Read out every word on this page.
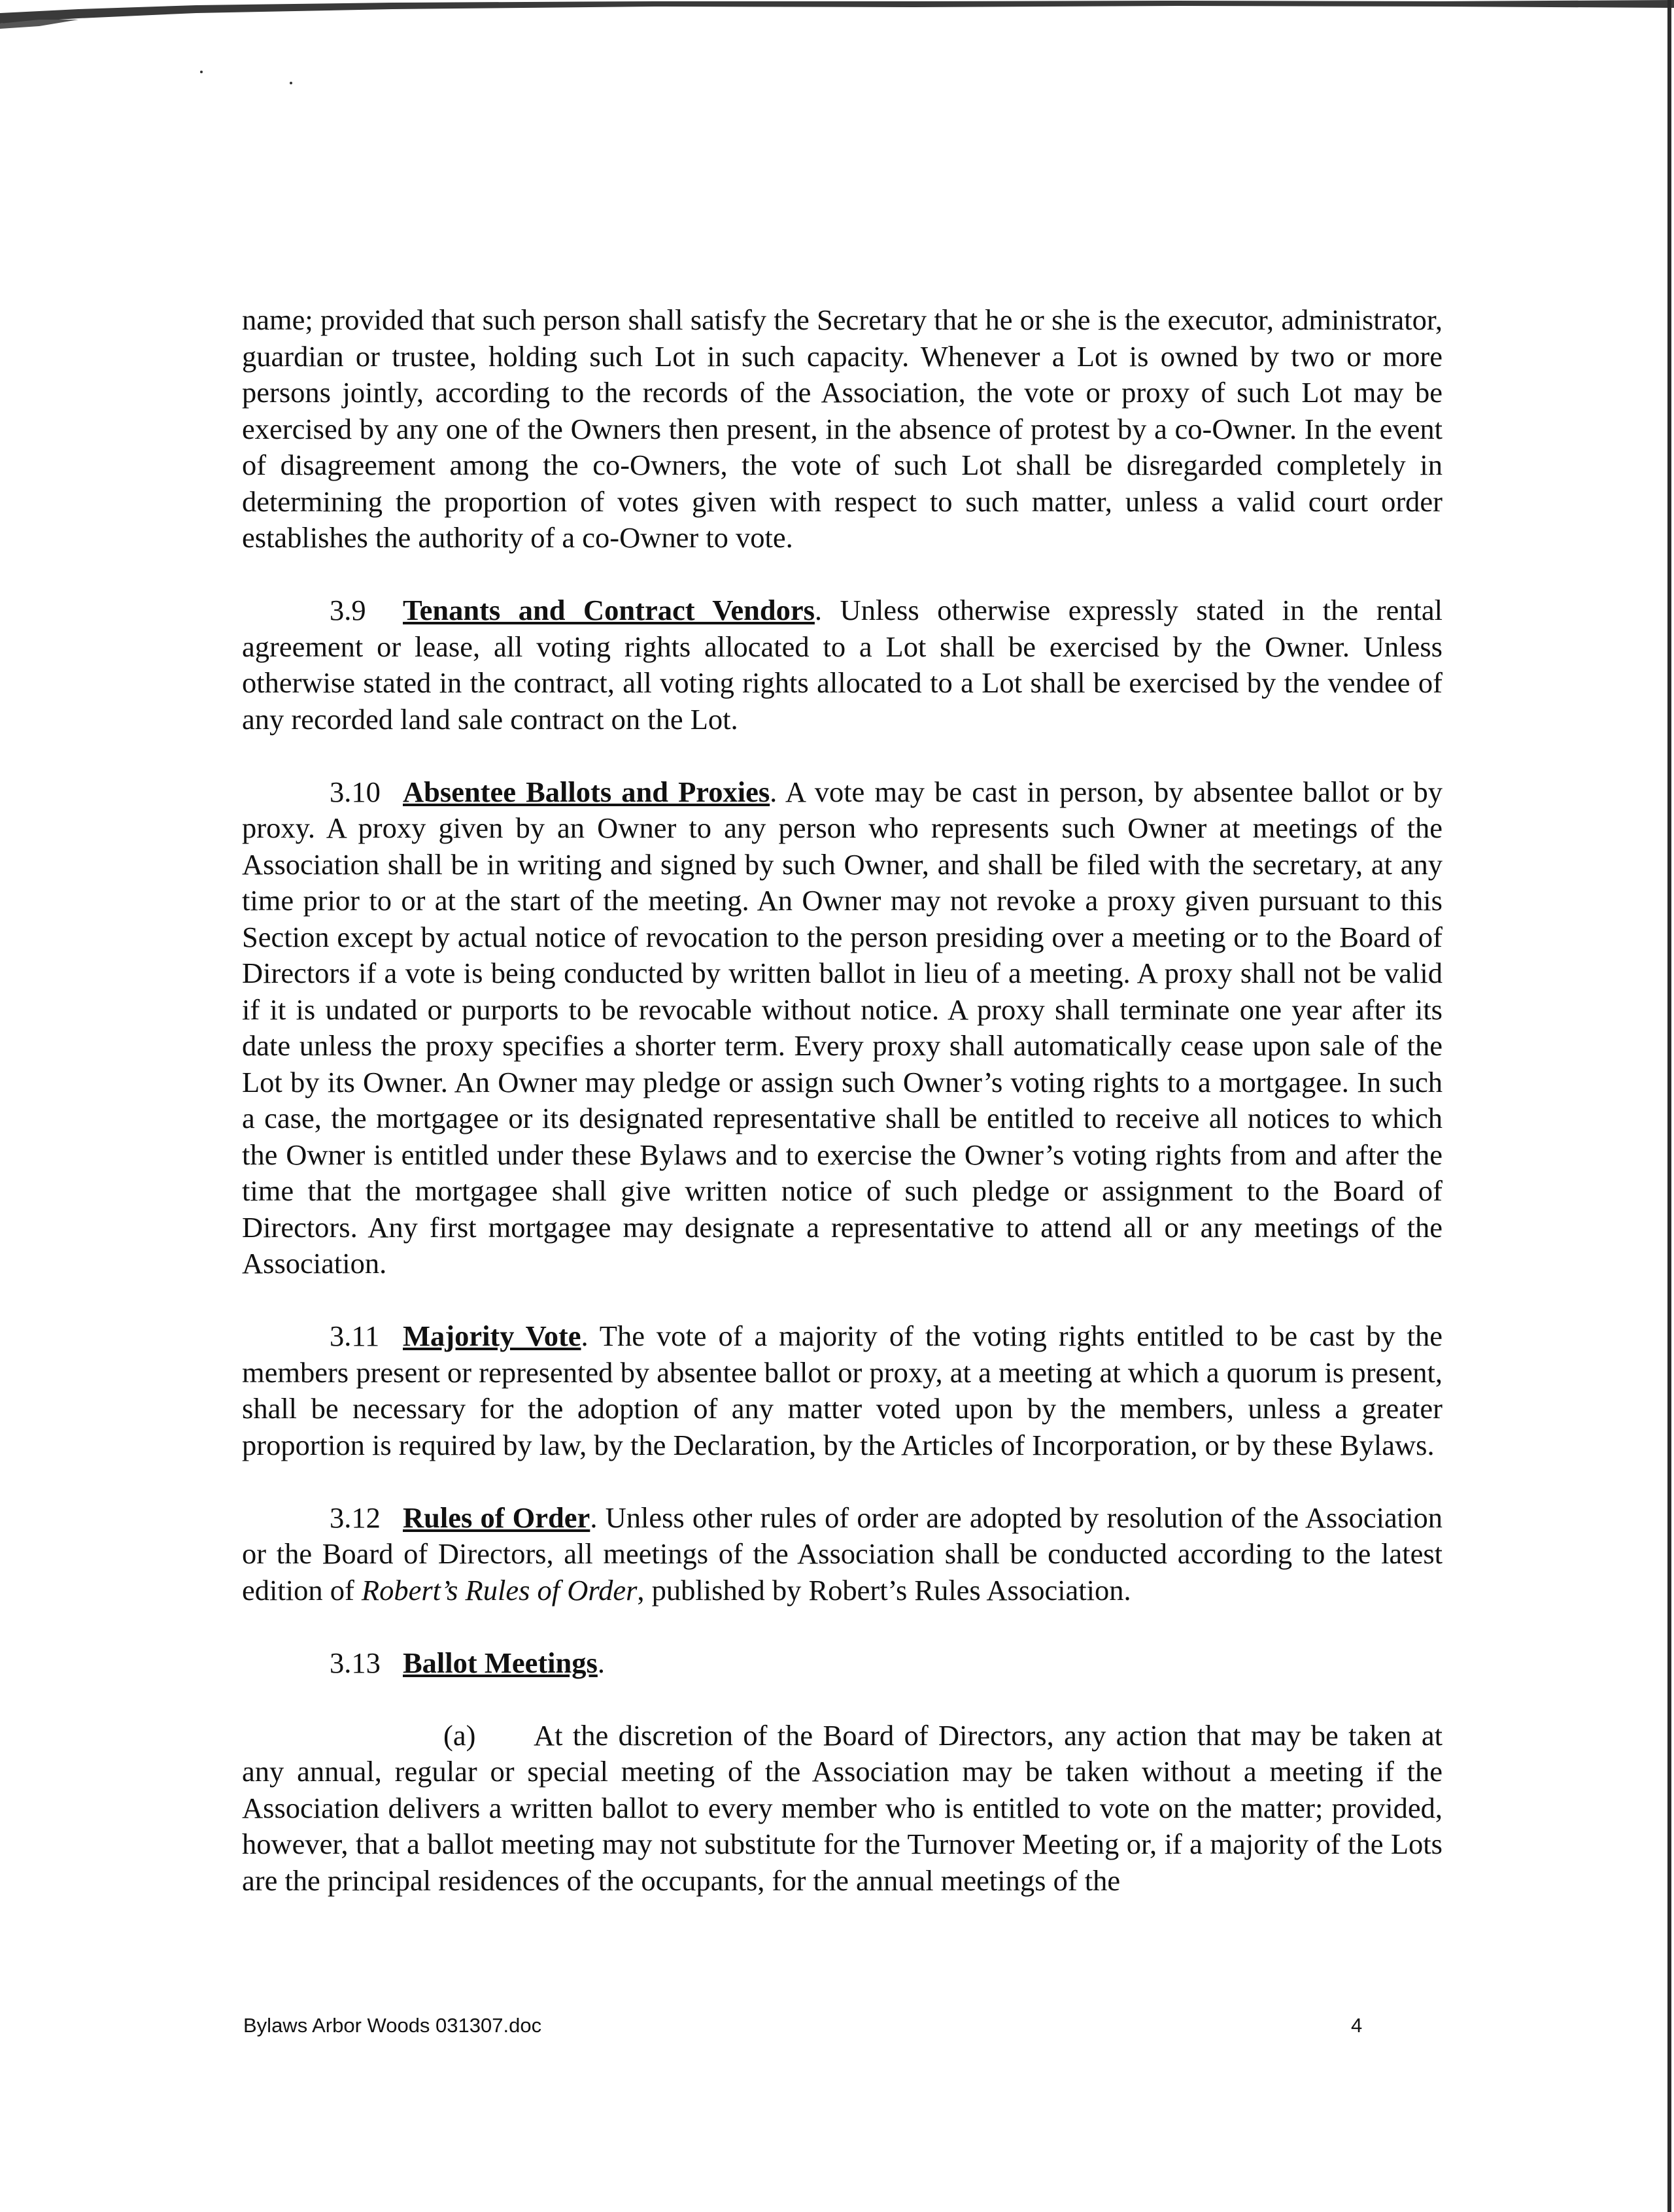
name; provided that such person shall satisfy the Secretary that he or she is the executor, administrator, guardian or trustee, holding such Lot in such capacity. Whenever a Lot is owned by two or more persons jointly, according to the records of the Association, the vote or proxy of such Lot may be exercised by any one of the Owners then present, in the absence of protest by a co-Owner. In the event of disagreement among the co-Owners, the vote of such Lot shall be disregarded completely in determining the proportion of votes given with respect to such matter, unless a valid court order establishes the authority of a co-Owner to vote.

3.9 Tenants and Contract Vendors. Unless otherwise expressly stated in the rental agreement or lease, all voting rights allocated to a Lot shall be exercised by the Owner. Unless otherwise stated in the contract, all voting rights allocated to a Lot shall be exercised by the vendee of any recorded land sale contract on the Lot.

3.10 Absentee Ballots and Proxies. A vote may be cast in person, by absentee ballot or by proxy. A proxy given by an Owner to any person who represents such Owner at meetings of the Association shall be in writing and signed by such Owner, and shall be filed with the secretary, at any time prior to or at the start of the meeting. An Owner may not revoke a proxy given pursuant to this Section except by actual notice of revocation to the person presiding over a meeting or to the Board of Directors if a vote is being conducted by written ballot in lieu of a meeting. A proxy shall not be valid if it is undated or purports to be revocable without notice. A proxy shall terminate one year after its date unless the proxy specifies a shorter term. Every proxy shall automatically cease upon sale of the Lot by its Owner. An Owner may pledge or assign such Owner’s voting rights to a mortgagee. In such a case, the mortgagee or its designated representative shall be entitled to receive all notices to which the Owner is entitled under these Bylaws and to exercise the Owner’s voting rights from and after the time that the mortgagee shall give written notice of such pledge or assignment to the Board of Directors. Any first mortgagee may designate a representative to attend all or any meetings of the Association.

3.11 Majority Vote. The vote of a majority of the voting rights entitled to be cast by the members present or represented by absentee ballot or proxy, at a meeting at which a quorum is present, shall be necessary for the adoption of any matter voted upon by the members, unless a greater proportion is required by law, by the Declaration, by the Articles of Incorporation, or by these Bylaws.

3.12 Rules of Order. Unless other rules of order are adopted by resolution of the Association or the Board of Directors, all meetings of the Association shall be conducted according to the latest edition of Robert’s Rules of Order, published by Robert’s Rules Association.

3.13 Ballot Meetings.

(a) At the discretion of the Board of Directors, any action that may be taken at any annual, regular or special meeting of the Association may be taken without a meeting if the Association delivers a written ballot to every member who is entitled to vote on the matter; provided, however, that a ballot meeting may not substitute for the Turnover Meeting or, if a majority of the Lots are the principal residences of the occupants, for the annual meetings of the

Bylaws Arbor Woods 031307.doc	4
